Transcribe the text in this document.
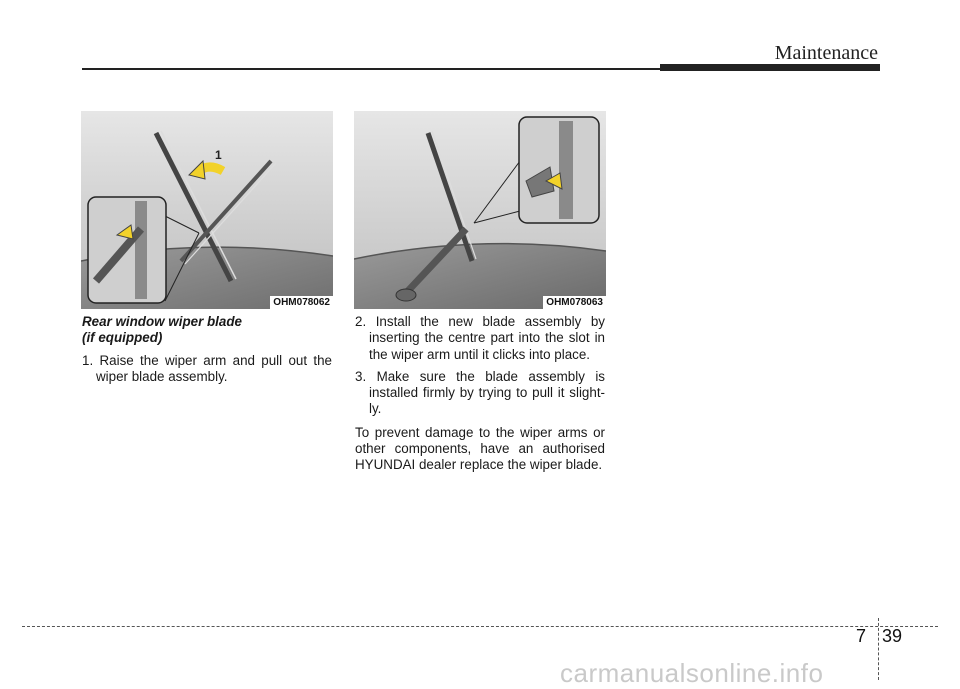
Maintenance
1
OHM078062	OHM078063
Rear window wiper blade
(if equipped)

1. Raise the wiper arm and pull out the wiper blade assembly.

2. Install the new blade assembly by inserting the centre part into the slot in the wiper arm until it clicks into place.

3. Make sure the blade assembly is installed firmly by trying to pull it slight-ly.

To prevent damage to the wiper arms or other components, have an authorised HYUNDAI dealer replace the wiper blade.

7 39
carmanualsonline.info
